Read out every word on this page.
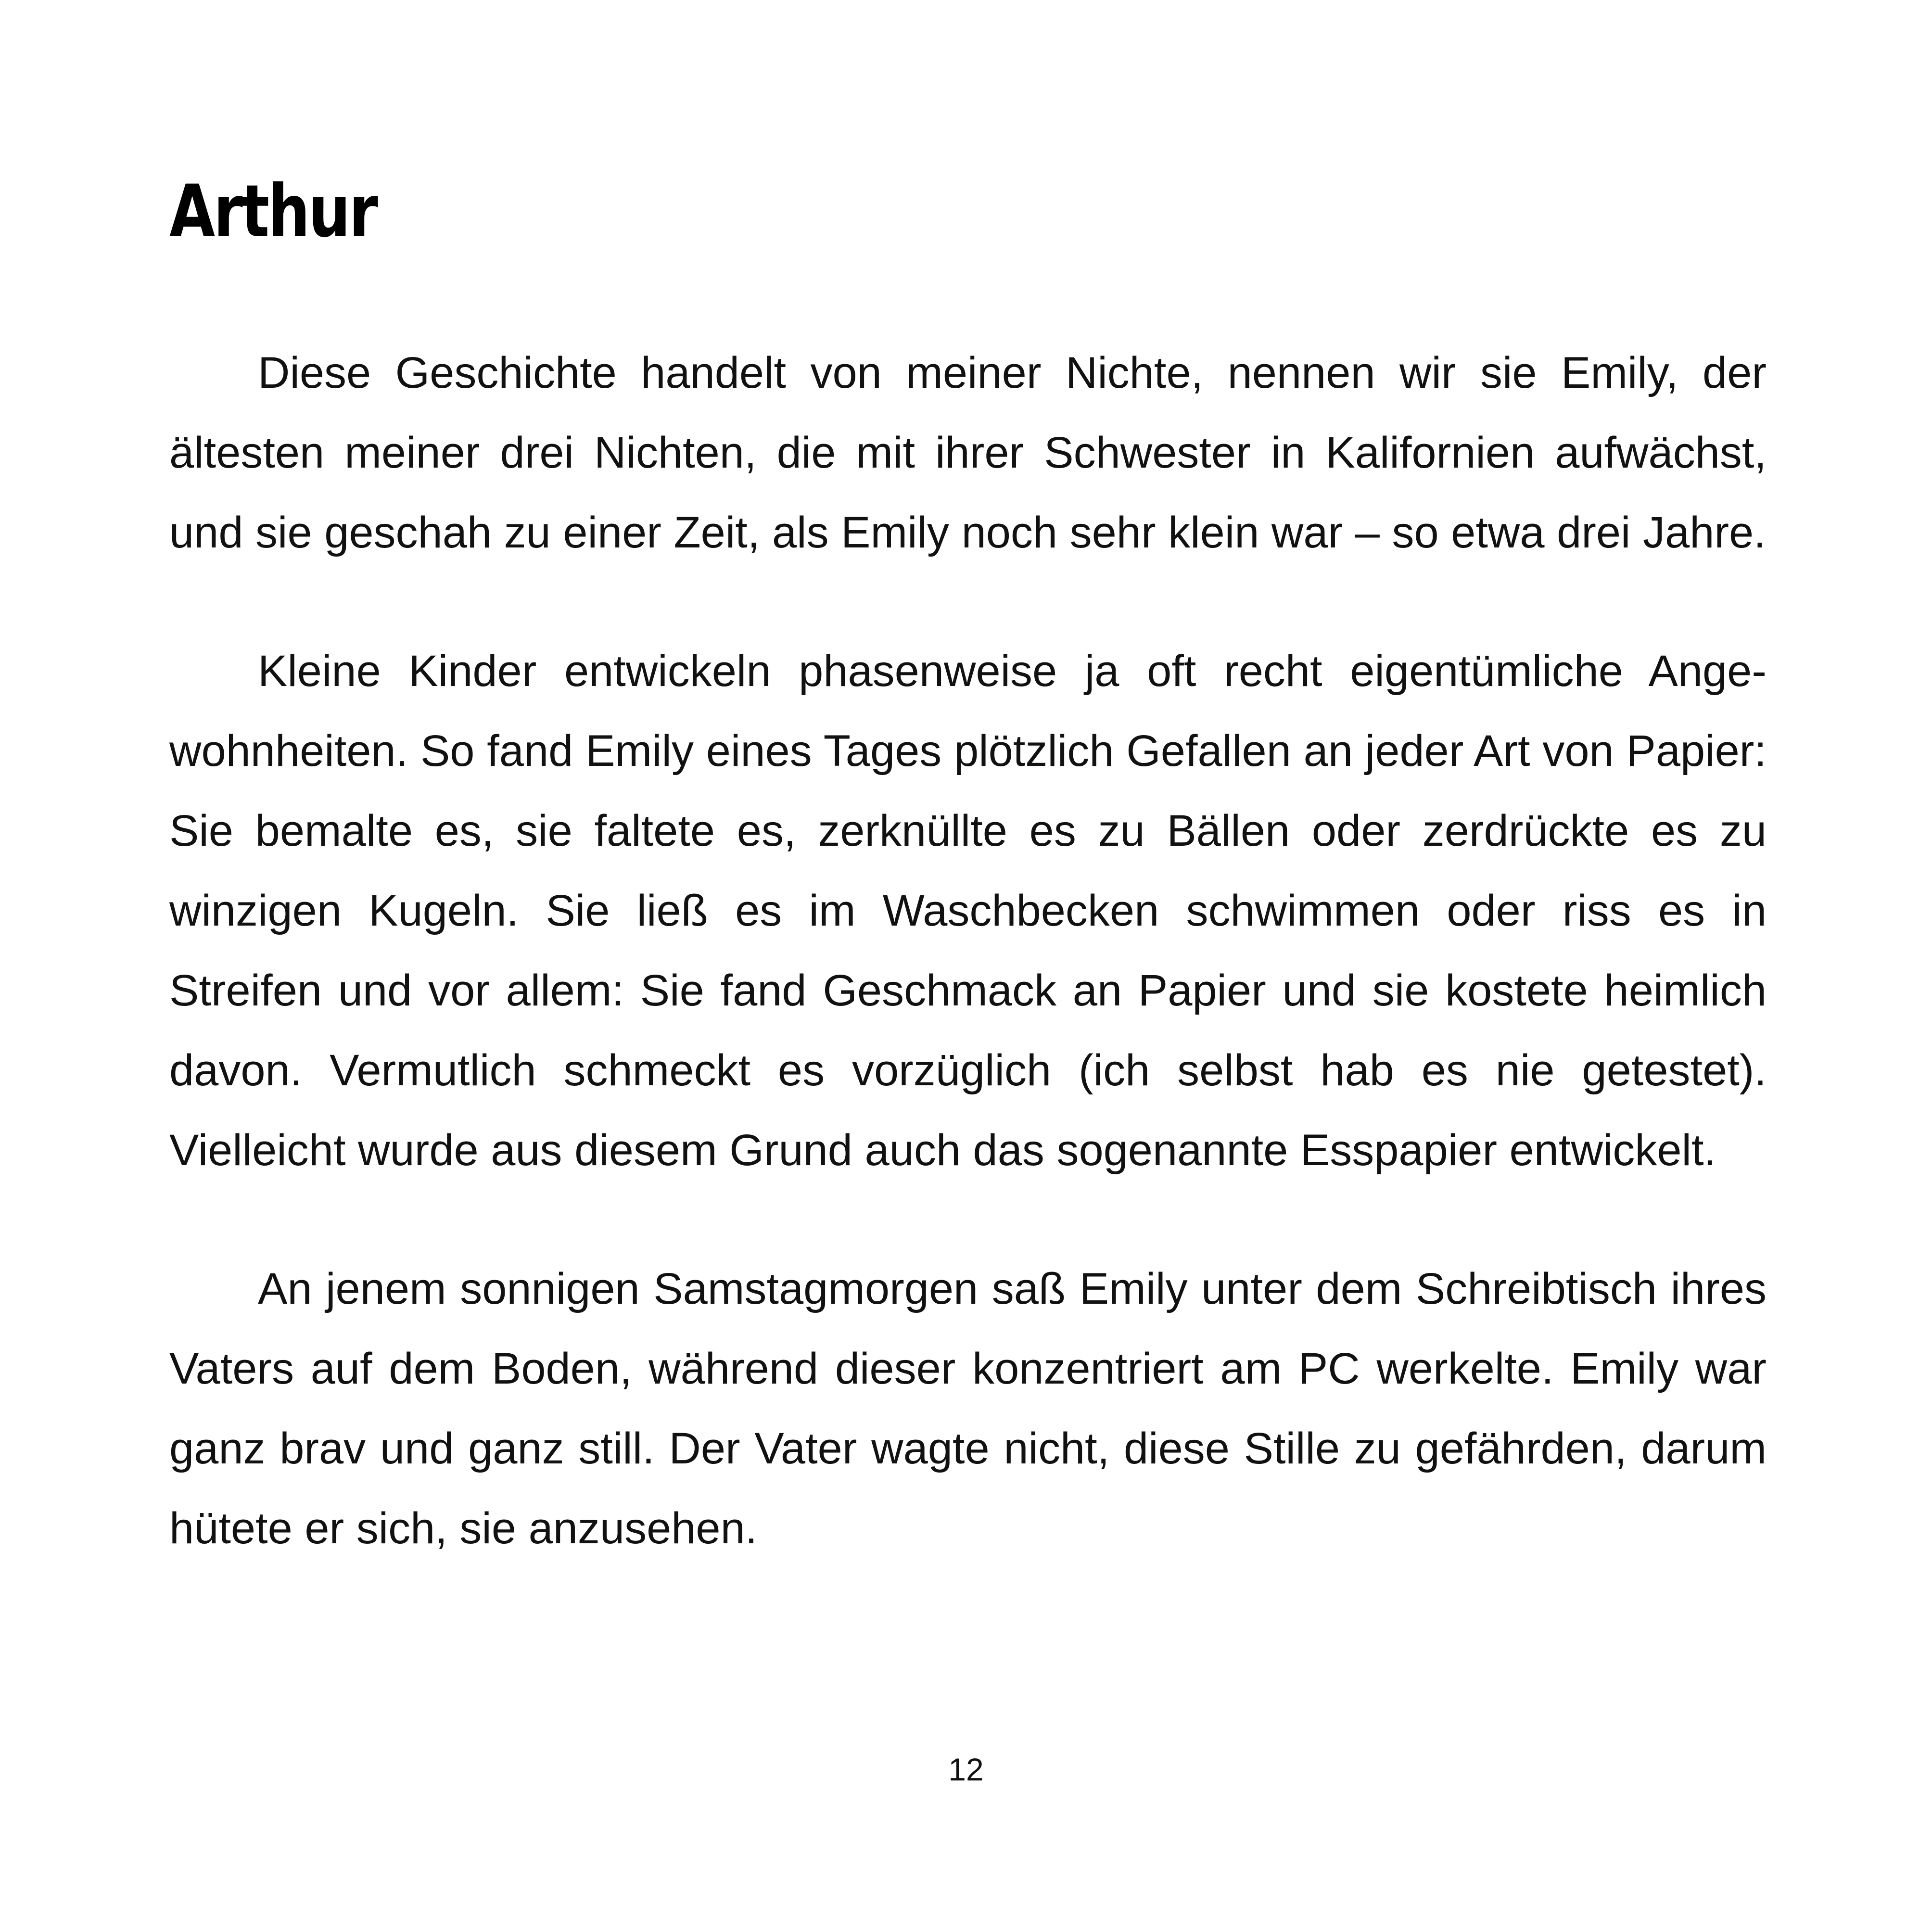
Arthur

Diese Geschichte handelt von meiner Nichte, nennen wir sie Emily, der ältesten meiner drei Nichten, die mit ihrer Schwester in Kalifornien aufwächst, und sie geschah zu einer Zeit, als Emily noch sehr klein war – so etwa drei Jahre.

Kleine Kinder entwickeln phasenweise ja oft recht eigentümliche Angewohnheiten. So fand Emily eines Tages plötzlich Gefallen an jeder Art von Papier: Sie bemalte es, sie faltete es, zerknüllte es zu Bällen oder zerdrückte es zu winzigen Kugeln. Sie ließ es im Waschbecken schwimmen oder riss es in Streifen und vor allem: Sie fand Geschmack an Papier und sie kostete heimlich davon. Vermutlich schmeckt es vorzüglich (ich selbst hab es nie getestet). Vielleicht wurde aus diesem Grund auch das sogenannte Esspapier entwickelt.

An jenem sonnigen Samstagmorgen saß Emily unter dem Schreibtisch ihres Vaters auf dem Boden, während dieser konzentriert am PC werkelte. Emily war ganz brav und ganz still. Der Vater wagte nicht, diese Stille zu gefährden, darum hütete er sich, sie anzusehen.

12
